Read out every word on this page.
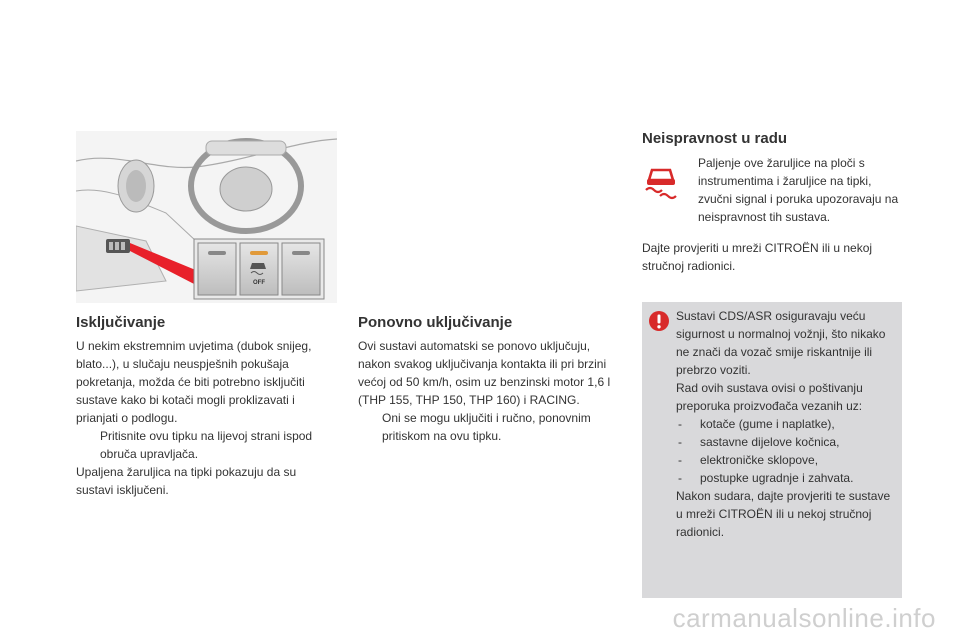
OFF
Isključivanje

U nekim ekstremnim uvjetima (dubok snijeg, blato...), u slučaju neuspješnih pokušaja pokretanja, možda će biti potrebno isključiti sustave kako bi kotači mogli proklizavati i prianjati o podlogu.

Pritisnite ovu tipku na lijevoj strani ispod obruča upravljača.

Upaljena žaruljica na tipki pokazuju da su sustavi isključeni.

Ponovno uključivanje

Ovi sustavi automatski se ponovo uključuju, nakon svakog uključivanja kontakta ili pri brzini većoj od 50 km/h, osim uz benzinski motor 1,6 l (THP 155, THP 150, THP 160) i RACING.

Oni se mogu uključiti i ručno, ponovnim pritiskom na ovu tipku.
Neispravnost u radu
Paljenje ove žaruljice na ploči s instrumentima i žaruljice na tipki, zvučni signal i poruka upozoravaju na neispravnost tih sustava.
Dajte provjeriti u mreži CITROËN ili u nekoj stručnoj radionici.

Sustavi CDS/ASR osiguravaju veću sigurnost u normalnoj vožnji, što nikako ne znači da vozač smije riskantnije ili prebrzo voziti.

Rad ovih sustava ovisi o poštivanju preporuka proizvođača vezanih uz:

-	kotače (gume i naplatke),
-	sastavne dijelove kočnica,
-	elektroničke sklopove,
-	postupke ugradnje i zahvata.

Nakon sudara, dajte provjeriti te sustave u mreži CITROËN ili u nekoj stručnoj radionici.

carmanualsonline.info
